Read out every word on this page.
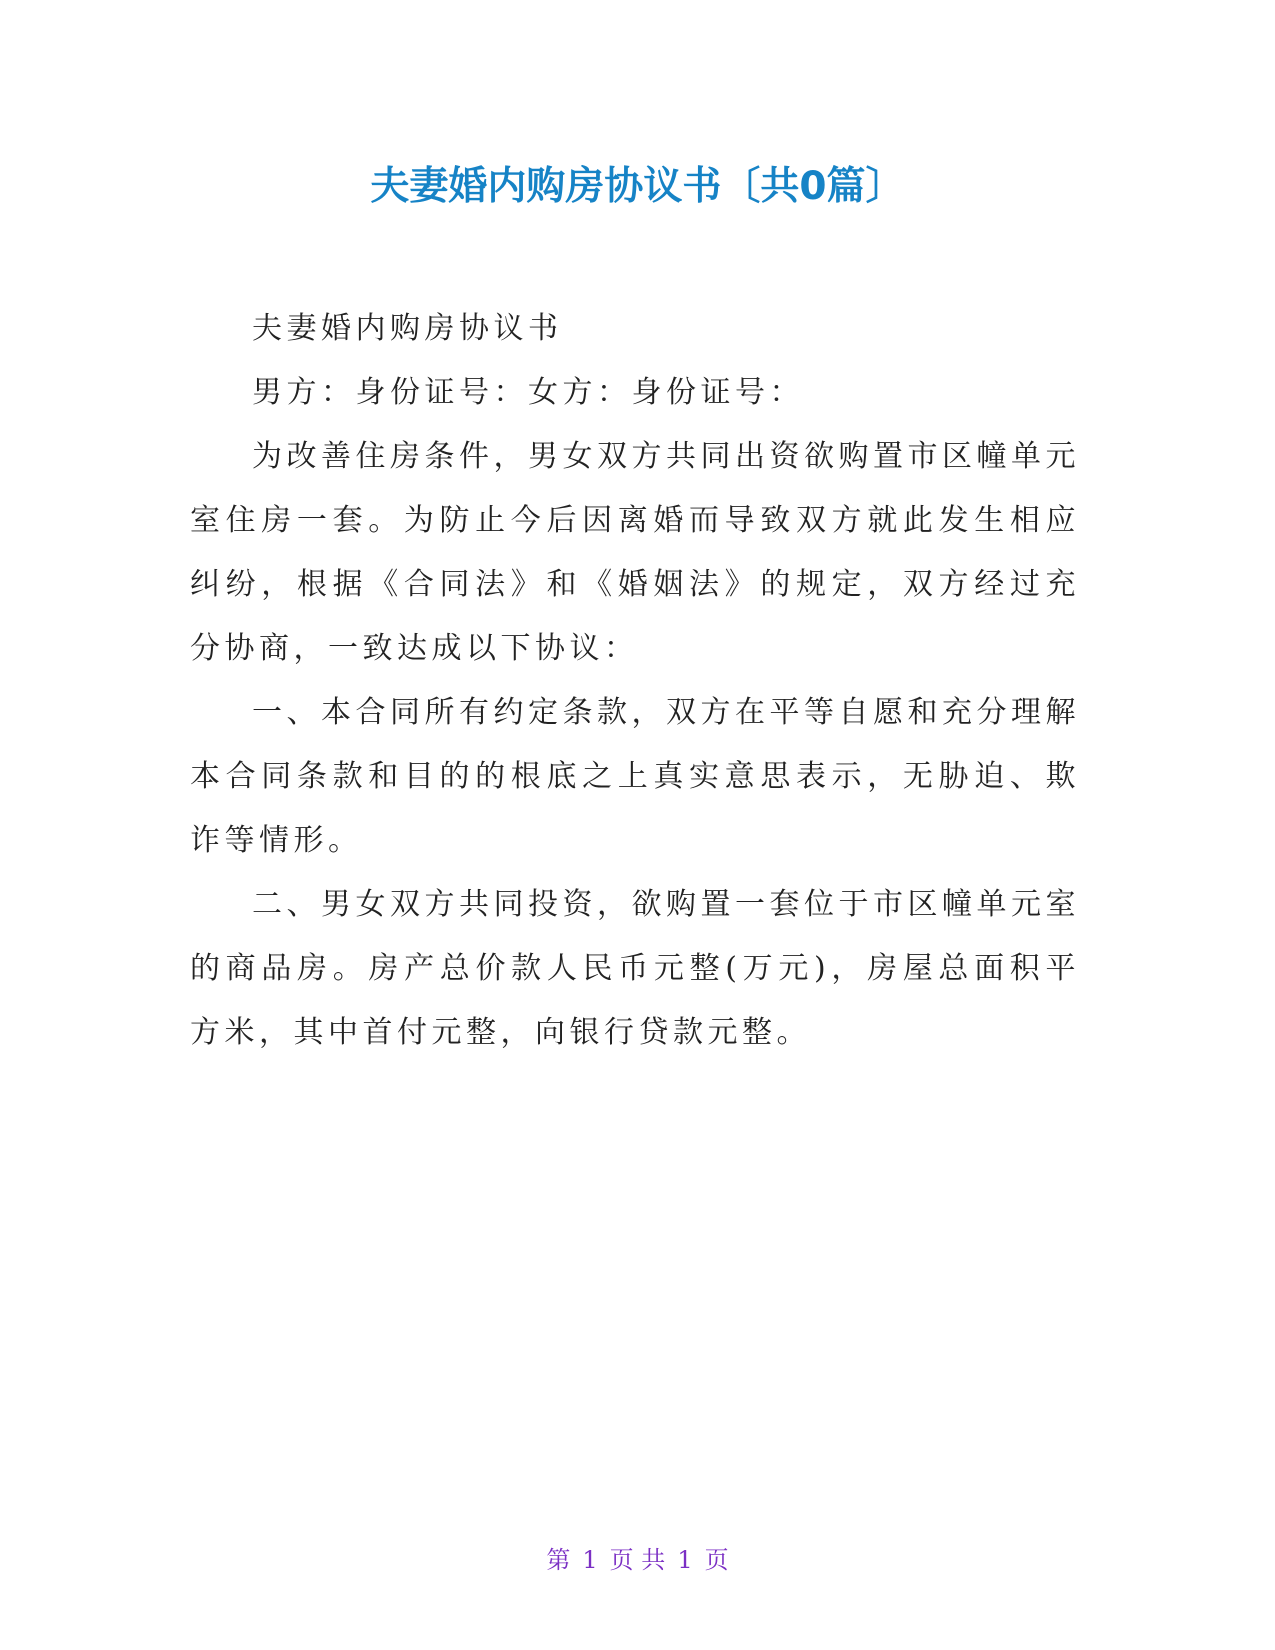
夫妻婚内购房协议书〔共0篇〕

夫妻婚内购房协议书

男方：身份证号：女方：身份证号：

为改善住房条件，男女双方共同出资欲购置市区幢单元室住房一套。为防止今后因离婚而导致双方就此发生相应纠纷，根据《合同法》和《婚姻法》的规定，双方经过充分协商，一致达成以下协议：

一、本合同所有约定条款，双方在平等自愿和充分理解本合同条款和目的的根底之上真实意思表示，无胁迫、欺诈等情形。

二、男女双方共同投资，欲购置一套位于市区幢单元室的商品房。房产总价款人民币元整(万元)，房屋总面积平方米，其中首付元整，向银行贷款元整。

第 1 页 共 1 页
